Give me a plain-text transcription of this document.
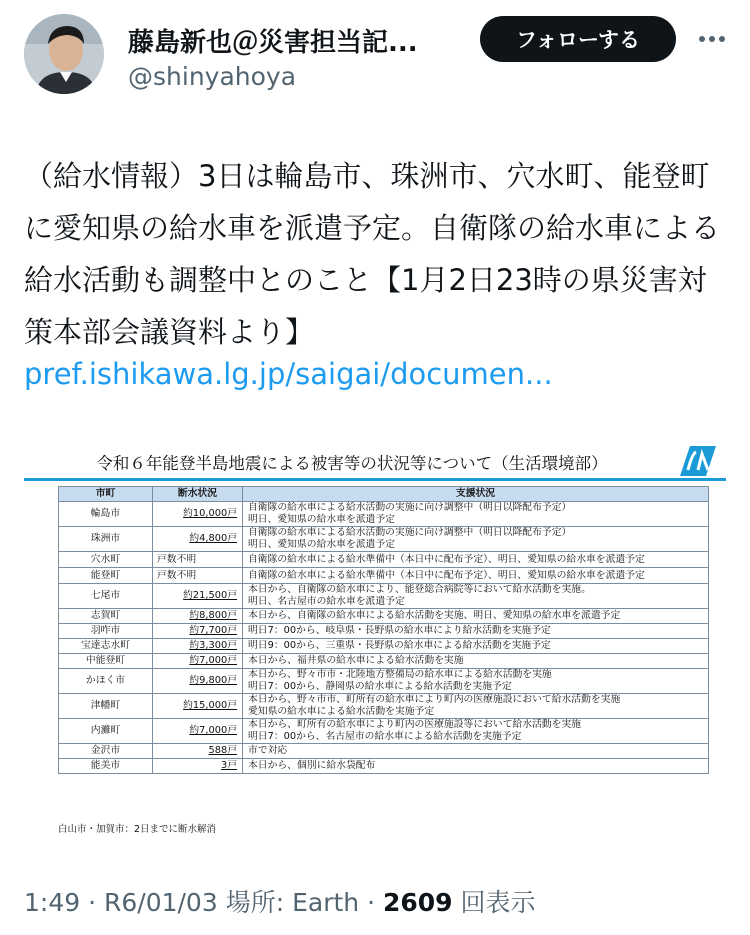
藤島新也＠災害担当記...
@shinyahoya
フォローする
（給水情報）3日は輪島市、珠洲市、穴水町、能登町に愛知県の給水車を派遣予定。自衛隊の給水車による給水活動も調整中とのこと【1月2日23時の県災害対策本部会議資料より】
pref.ishikawa.lg.jp/saigai/documen...
令和６年能登半島地震による被害等の状況等について（生活環境部）
市町	断水状況	支援状況
輪島市	約10,000戸	自衛隊の給水車による給水活動の実施に向け調整中（明日以降配布予定）
明日、愛知県の給水車を派遣予定

珠洲市	約4,800戸	自衛隊の給水車による給水活動の実施に向け調整中（明日以降配布予定）
明日、愛知県の給水車を派遣予定

穴水町	戸数不明	自衛隊の給水車による給水準備中（本日中に配布予定）、明日、愛知県の給水車を派遣予定

能登町	戸数不明	自衛隊の給水車による給水準備中（本日中に配布予定）、明日、愛知県の給水車を派遣予定

七尾市	約21,500戸	本日から、自衛隊の給水車により、能登総合病院等において給水活動を実施。
明日、名古屋市の給水車を派遣予定

志賀町	約8,800戸	本日から、自衛隊の給水車による給水活動を実施、明日、愛知県の給水車を派遣予定

羽咋市	約7,700戸	明日7：00から、岐阜県・長野県の給水車により給水活動を実施予定

宝達志水町	約3,300戸	明日9：00から、三重県・長野県の給水車による給水活動を実施予定

中能登町	約7,000戸	本日から、福井県の給水車による給水活動を実施

かほく市	約9,800戸	本日から、野々市市・北陸地方整備局の給水車による給水活動を実施
明日7：00から、静岡県の給水車による給水活動を実施予定

津幡町	約15,000戸	本日から、野々市市、町所有の給水車により町内の医療施設において給水活動を実施
愛知県の給水車による給水活動を実施予定

内灘町	約7,000戸	本日から、町所有の給水車により町内の医療施設等において給水活動を実施
明日7：00から、名古屋市の給水車による給水活動を実施予定

金沢市	588戸	市で対応

能美市	3戸	本日から、個別に給水袋配布
白山市・加賀市：2日までに断水解消
1:49 · R6/01/03 場所: Earth · 2609 回表示
